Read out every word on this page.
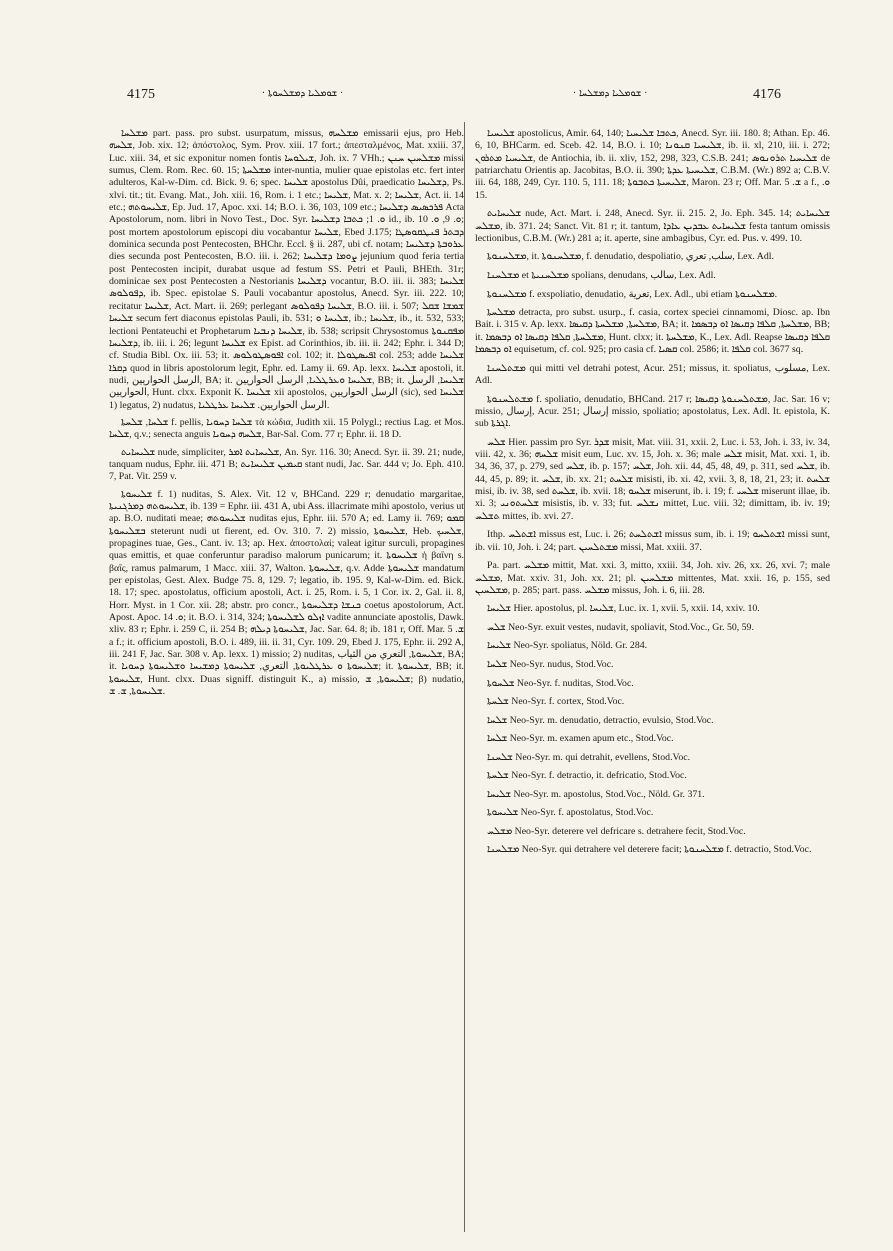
4175	· ܫܘܡܠܝܐ ܕܡܫܠܚܘܬܐ ·	· ܫܘܡܠܝܐ ܕܡܫܠܚܐ ·	4176

ܡܫܠܚܐ part. pass. pro subst. usurpatum, missus, ܡܫܠܚܗ emissarii ejus, pro Heb. ܫܠܚܗ, Job. xix. 12; ἀπόστολος, Sym. Prov. xiii. 17 fort.; ἀπεσταλμένος, Mat. xxiii. 37, Luc. xiii. 34, et sic exponitur nomen fontis ܫܝܠܘܚܐ, Joh. ix. 7 VHh.; ܡܫܠܚܝܢ ܚܢܢ missi sumus, Clem. Rom. Rec. 60. 15; ܡܫܠܚܬܐ inter-nuntia, mulier quae epistolas etc. fert inter adulteros, Kal-w-Dim. cd. Bick. 9. 6; spec. ܫܠܝܚܐ apostolus Dûi, praedicatio ܕܫܠܝܚܐ, Ps. xlvi. tit.; tit. Evang. Mat., Joh. xiii. 16, Rom. i. 1 etc.; ܫܠܝܚܐ, Mat. x. 2; ܫܠܝܚܐ, Act. ii. 14 etc.; ܫܠܝܚܘܬܗ, Ep. Jud. 17, Apoc. xxi. 14; B.O. i. 36, 103, 109 etc.; ܦܪܟܣܝܣ ܕܫܠܝܚܐ Acta Apostolorum, nom. libri in Novo Test., Doc. Syr. ܘ. 1; ܟܬܒܐ ܕܫܠܝܚܐ id., ib. ܘ. 9, ܘ. 10; post mortem apostolorum episcopi diu vocabantur ܫܠܝܚܐ, Ebed J.175; ܕܒܬܪ ܦܢܛܩܘܣܛܐ dominica secunda post Pentecosten, BHChr. Eccl. § ii. 287, ubi cf. notam; ܥܪܘܒܬܐ ܕܫܠܝܚܐ dies secunda post Pentecosten, B.O. iii. i. 262; ܨܘܡܐ ܕܫܠܝܚܐ jejunium quod feria tertia post Pentecosten incipit, durabat usque ad festum SS. Petri et Pauli, BHEth. 31r; dominicae sex post Pentecosten a Nestorianis ܕܫܠܝܚܐ vocantur, B.O. iii. ii. 383; ܫܠܝܚܐ ܕܦܘܠܘܣ, ib. Spec. epistolae S. Pauli vocabantur apostolus, Anecd. Syr. iii. 222. 10; recitatur ܫܠܝܚܐ, Act. Mart. ii. 269; perlegant ܫܠܝܚܐ ܕܦܘܠܘܣ, B.O. iii. i. 507; ܫܡܫܐ ܫܩܠ ܫܠܝܚܐ secum fert diaconus epistolas Pauli, ib. 531; ܫܠܝܚܐ ܘ, ib.; ܫܠܝܚܐ, ib., it. 532, 533; lectioni Pentateuchi et Prophetarum ܫܠܝܚܐ ܕܢܒܝܐ, ib. 538; scripsit Chrysostomus ܡܦܩܢܘܬܐ ܕܫܠܝܚܐ, ib. iii. i. 26; legunt ܫܠܝܚܐ ex Epist. ad Corinthios, ib. iii. ii. 242; Ephr. i. 344 D; cf. Studia Bibl. Ox. iii. 53; it. ܐܦܘܣܛܘܠܘܣ col. 102; it. ܐܦܝܣܛܘܠܐ col. 253; adde ܫܠܝܚܐ ܕܩܪܐ quod in libris apostolorum legit, Ephr. ed. Lamy ii. 69. Ap. lexx. ܫܠܝܚܐ apostoli, it. nudi, الرسل الحواريين, BA; it. ܫܠܝܚܐ ܘܥܪܛܠܝܐ, الرسل الحواريين, BB; it. ܫܠܝܚܐ, الرسل الحواريين, Hunt. clxx. Exponit K. ܫܠܝܚܐ xii apostolos, الرسل الحواريين (sic), sed ܫܠܝܚܐ 1) legatus, 2) nudatus, الرسل الحواريين. ܫܠܝܚܐ ܥܪܛܠܝܐ.

ܫܠܚܐ, ܫܠܚܬܐ f. pellis, ܫܠܚܐ ܕܚܘܝܐ τὰ κώδια, Judith xii. 15 Polygl.; rectius Lag. et Mos. ܫܠܚܐ, q.v.; senecta anguis ܫܠܚܗ ܕܚܘܝܐ, Bar-Sal. Com. 77 r; Ephr. ii. 18 D.

ܫܠܝܚܐܝܬ nude, simpliciter, ܫܠܝܚܐܝܬ ܐܡܪ, An. Syr. 116. 30; Anecd. Syr. ii. 39. 21; nude, tanquam nudus, Ephr. iii. 471 B; ܩܝܡܝܢ ܫܠܝܚܐܝܬ stant nudi, Jac. Sar. 444 v; Jo. Eph. 410. 7, Pat. Vit. 259 v.

ܫܠܝܚܘܬܐ f. 1) nuditas, S. Alex. Vit. 12 v, BHCand. 229 r; denudatio margaritae, ܫܠܝܚܘܬܗ ܕܡܪܓܢܝܬܐ, ib. 139 = Ephr. iii. 431 A, ubi Ass. illacrimate mihi apostolo, verius ut ap. B.O. nuditati meae; ܫܠܝܚܘܬܗ nuditas ejus, Ephr. iii. 570 A; ed. Lamy ii. 769; ܩܡܘ ܒܫܠܝܚܘܬܐ steterunt nudi ut fierent, ed. Ov. 310. 7. 2) missio, ܫܠܝܚܘܬܐ, Heb. ܫܠܚܝܟ, propagines tuae, Ges., Cant. iv. 13; ap. Hex. ἀποστολαί; valeat igitur surculi, propagines quas emittis, et quae conferuntur paradiso malorum punicarum; it. ܫܠܝܚܘܬܐ ἡ βαΐνη s. βαΐς, ramus palmarum, 1 Macc. xiii. 37, Walton. ܫܠܝܚܘܬܐ, q.v. Adde ܫܠܝܚܘܬܐ mandatum per epistolas, Gest. Alex. Budge 75. 8, 129. 7; legatio, ib. 195. 9, Kal-w-Dim. ed. Bick. 18. 17; spec. apostolatus, officium apostoli, Act. i. 25, Rom. i. 5, 1 Cor. ix. 2, Gal. ii. 8, Horr. Myst. in 1 Cor. xii. 28; abstr. pro concr., ܟܢܫܐ ܕܫܠܝܚܘܬܐ coetus apostolorum, Act. Apost. Apoc. ܘ. 14; it. B.O. i. 314, 324; ܐܙܠܘ ܠܫܠܝܚܘܬܐ vadite annunciate apostolis, Dawk. xliv. 83 r; Ephr. i. 259 C, ii. 254 B; ܫܠܝܚܘܬܐ ܕܝܠܗ, Jac. Sar. 64. 8; ib. 181 r, Off. Mar. ܫ. 5 a f.; it. officium apostoli, B.O. i. 489, iii. ii. 31, Cyr. 109. 29, Ebed J. 175, Ephr. ii. 292 A, iii. 241 F, Jac. Sar. 308 v. Ap. lexx. 1) missio; 2) nuditas, ܫܠܝܚܘܬܐ, التعري من الثياب, BA; it. ܫܠܝܚܘܬܐ ܘ ܥܪܛܠܝܘܬܐ, التعري, ܫܠܝܚܘܬܐ ܕܡܫܝܚܐ ܘܫܠܝܚܘܬܐ ܕܚܘܝܐ; it. ܫܠܝܚܘܬܐ, BB; it. ܫܠܝܚܘܬܐ, Hunt. clxx. Duas signiff. distinguit K., a) missio, ܫܠܝܚܘܬܐ, ܫ; β) nudatio, ܫܠܝܚܘܬܐ, ܫ. ܫ.

ܫܠܝܚܝܐ apostolicus, Amir. 64, 140; ܟܬܒܐ ܫܠܝܚܝܐ, Anecd. Syr. iii. 180. 8; Athan. Ep. 46. 6, 10, BHCarm. ed. Sceb. 42. 14, B.O. i. 10; ܫܠܝܚܝܐ ܩܢܘܢܐ, ib. ii. xl, 210, iii. i. 272; ܫܠܝܚܝܐ ܡܬܪܘܢ, de Antiochia, ib. ii. xliv, 152, 298, 323, C.S.B. 241; ܫܠܝܚܝܐ ܬܪܘܢܘܣ de patriarchatu Orientis ap. Jacobitas, B.O. ii. 390; ܫܠܝܚܝܬܐ ܥܕܬܐ, C.B.M. (Wr.) 892 a; C.B.V. iii. 64, 188, 249, Cyr. 110. 5, 111. 18; ܫܠܝܚܝܬܐ ܟܬܒܘܬܐ, Maron. 23 r; Off. Mar. ܫ. 5 a f., ܘ. 15.

ܫܠܝܚܐܝܬ nude, Act. Mart. i. 248, Anecd. Syr. ii. 215. 2, Jo. Eph. 345. 14; ܫܠܝܚܐܝܬ ܡܫܠܚ, ib. 371. 24; Sanct. Vit. 81 r; it. tantum, ܫܠܝܚܐܝܬ ܥܒܕܝܢ ܥܐܕܐ festa tantum omissis lectionibus, C.B.M. (Wr.) 281 a; it. aperte, sine ambagibus, Cyr. ed. Pus. v. 499. 10.

ܡܫܠܚܢܘܬܐ, it. ܡܫܠܚܢܘܬܐ, f. denudatio, despoliatio, سلب, تعري, Lex. Adl.

ܡܫܠܚܢܐ et ܡܫܠܚܢܝܬܐ spolians, denudans, سالب, Lex. Adl.

ܡܫܠܚܢܘܬܐ f. exspoliatio, denudatio, تعرية, Lex. Adl., ubi etiam ܡܫܠܚܢܘܬܐ.

ܡܫܠܚܬܐ detracta, pro subst. usurp., f. casia, cortex speciei cinnamomi, Diosc. ap. Ibn Bait. i. 315 v. Ap. lexx. ܡܫܠܚܬܐ, ܡܫܠܚܬܐ ܕܩܝܣܐ, BA; it. ܡܫܠܚܬܐ, ܩܠܦܐ ܕܩܝܣܐ ܐܘ ܕܒܣܡܐ, BB; it. ܡܫܠܚܬܐ, ܩܠܦܐ ܕܩܝܣܐ ܐܘ ܕܒܣܡܐ, Hunt. clxx; it. ܡܫܠܚܬܐ, K., Lex. Adl. Reapse ܩܠܦܐ ܕܩܝܣܐ ܐܘ ܕܒܣܡܐ equisetum, cf. col. 925; pro casia cf. ܩܣܝܐ col. 2586; it. ܩܠܦܐ col. 3677 sq.

ܡܫܬܠܚܢܐ qui mitti vel detrahi potest, Acur. 251; missus, it. spoliatus, مسلوب, Lex. Adl.

ܡܫܬܠܚܢܘܬܐ f. spoliatio, denudatio, BHCand. 217 r; ܡܫܬܠܚܢܘܬܐ ܕܩܝܣܐ, Jac. Sar. 16 v; missio, إرسال, Acur. 251; إرسال missio, spoliatio; apostolatus, Lex. Adl. It. epistola, K. sub ܐܓܪܬܐ.

ܫܠܚ Hier. passim pro Syr. ܫܕܪ misit, Mat. viii. 31, xxii. 2, Luc. i. 53, Joh. i. 33, iv. 34, viii. 42, x. 36; ܫܠܚܗ misit eum, Luc. xv. 15, Joh. x. 36; male ܫܠܚ misit, Mat. xxi. 1, ib. 34, 36, 37, p. 279, sed ܫܠܚ, ib. p. 157; ܫܠܚ, Joh. xii. 44, 45, 48, 49, p. 311, sed ܫܠܚ, ib. 44, 45, p. 89; it. ܫܠܚ, ib. xx. 21; ܫܠܚܬ misisti, ib. xi. 42, xvii. 3, 8, 18, 21, 23; it. ܫܠܚܬ misi, ib. iv. 38, sed ܫܠܚܬ, ib. xvii. 18; ܫܠܚܘ miserunt, ib. i. 19; f. ܫܠܚܝ miserunt illae, ib. xi. 3; ܫܠܚܬܘܢܝ misistis, ib. v. 33; fut. ܢܫܠܚ mittet, Luc. viii. 32; dimittam, ib. iv. 19; ܬܫܠܚ mittes, ib. xvi. 27.

Ithp. ܐܫܬܠܚ missus est, Luc. i. 26; ܐܫܬܠܚܬ missus sum, ib. i. 19; ܐܫܬܠܚܘ missi sunt, ib. vii. 10, Joh. i. 24; part. ܡܫܬܠܚܝܢ missi, Mat. xxiii. 37.

Pa. part. ܡܫܠܚ mittit, Mat. xxi. 3, mitto, xxiii. 34, Joh. xiv. 26, xx. 26, xvi. 7; male ܡܫܠܚ, Mat. xxiv. 31, Joh. xx. 21; pl. ܡܫܠܚܝܢ mittentes, Mat. xxii. 16, p. 155, sed ܡܫܠܚܝܢ, p. 285; part. pass. ܡܫܠܚ missus, Joh. i. 6, iii. 28.

ܫܠܝܚܐ Hier. apostolus, pl. ܫܠܝܚܐ, Luc. ix. 1, xvii. 5, xxii. 14, xxiv. 10.

ܫܠܚ Neo-Syr. exuit vestes, nudavit, spoliavit, Stod.Voc., Gr. 50, 59.

ܫܠܝܚܐ Neo-Syr. spoliatus, Nöld. Gr. 284.

ܫܠܚܐ Neo-Syr. nudus, Stod.Voc.

ܫܠܚܘܬܐ Neo-Syr. f. nuditas, Stod.Voc.

ܫܠܚܬܐ Neo-Syr. f. cortex, Stod.Voc.

ܫܠܚܐ Neo-Syr. m. denudatio, detractio, evulsio, Stod.Voc.

ܫܠܚܐ Neo-Syr. m. examen apum etc., Stod.Voc.

ܫܠܚܢܐ Neo-Syr. m. qui detrahit, evellens, Stod.Voc.

ܫܠܚܬܐ Neo-Syr. f. detractio, it. defricatio, Stod.Voc.

ܫܠܝܚܐ Neo-Syr. m. apostolus, Stod.Voc., Nöld. Gr. 371.

ܫܠܝܚܘܬܐ Neo-Syr. f. apostolatus, Stod.Voc.

ܡܫܠܚ Neo-Syr. deterere vel defricare s. detrahere fecit, Stod.Voc.

ܡܫܠܚܢܐ Neo-Syr. qui detrahere vel deterere facit; ܡܫܠܚܢܘܬܐ f. detractio, Stod.Voc.
